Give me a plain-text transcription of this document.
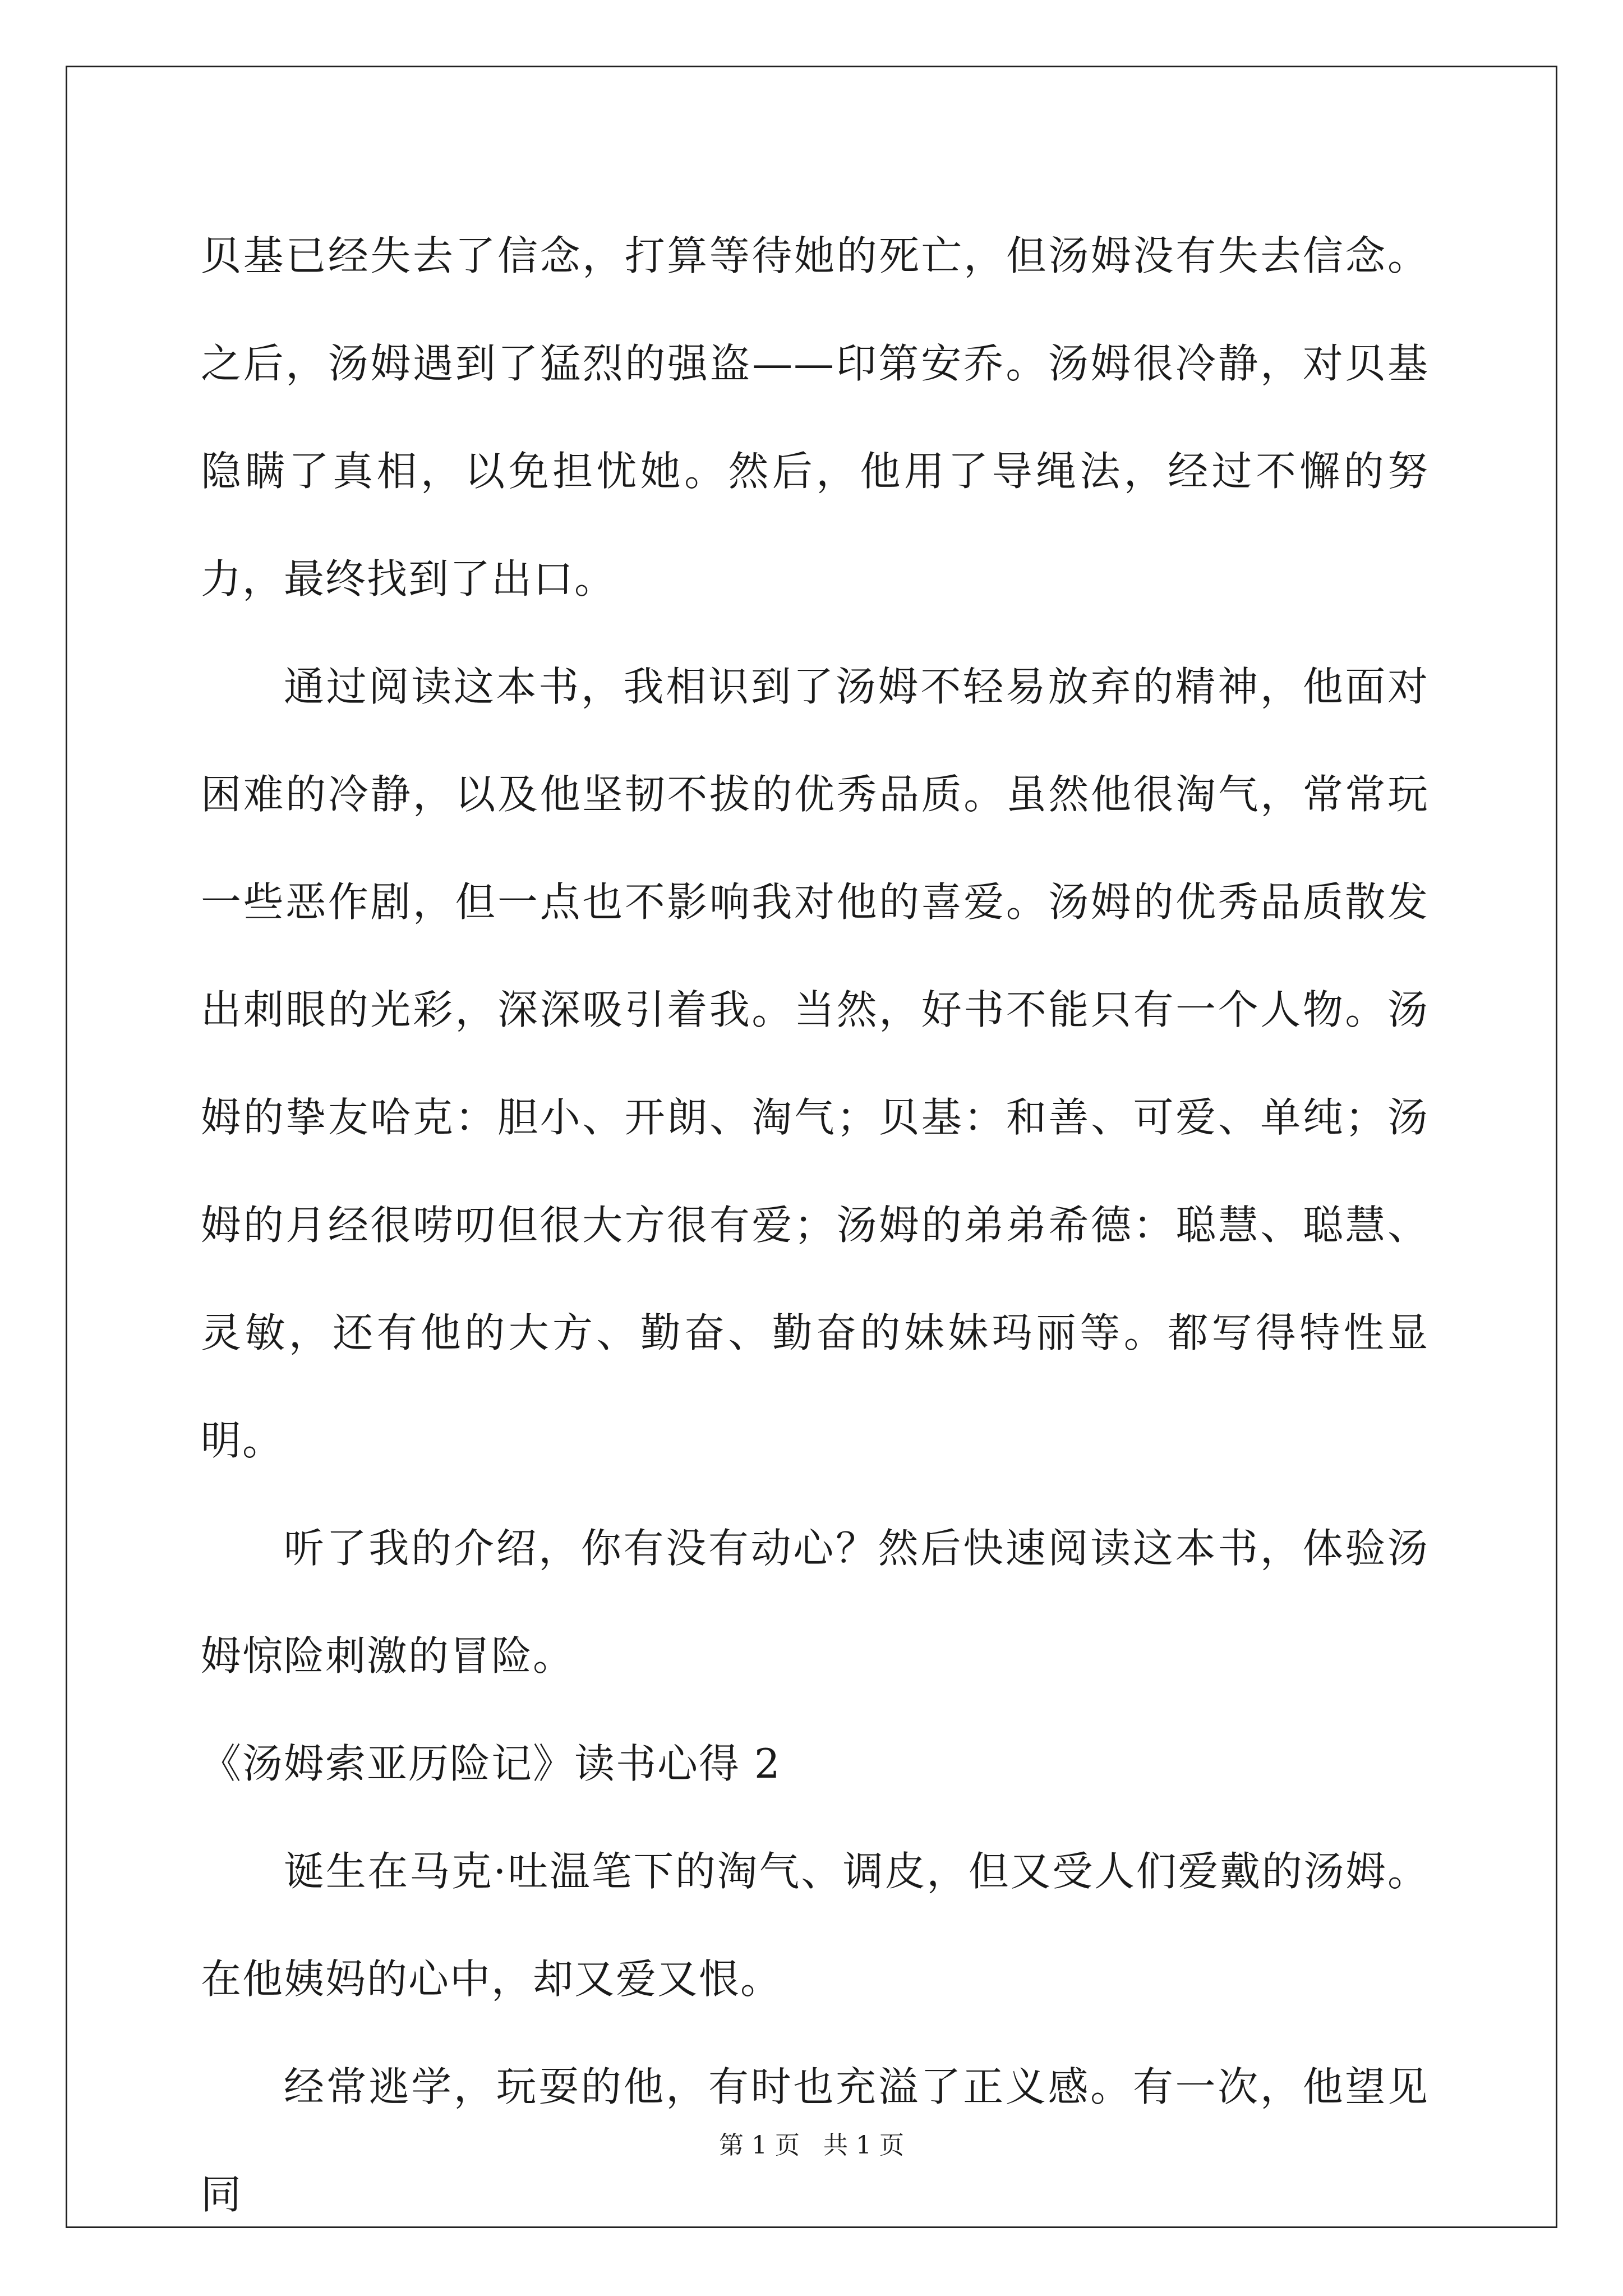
贝基已经失去了信念，打算等待她的死亡，但汤姆没有失去信念。之后，汤姆遇到了猛烈的强盗——印第安乔。汤姆很冷静，对贝基隐瞒了真相，以免担忧她。然后，他用了导绳法，经过不懈的努力，最终找到了出口。

通过阅读这本书，我相识到了汤姆不轻易放弃的精神，他面对困难的冷静，以及他坚韧不拔的优秀品质。虽然他很淘气，常常玩一些恶作剧，但一点也不影响我对他的喜爱。汤姆的优秀品质散发出刺眼的光彩，深深吸引着我。当然，好书不能只有一个人物。汤姆的挚友哈克：胆小、开朗、淘气；贝基：和善、可爱、单纯；汤姆的月经很唠叨但很大方很有爱；汤姆的弟弟希德：聪慧、聪慧、灵敏，还有他的大方、勤奋、勤奋的妹妹玛丽等。都写得特性显明。

听了我的介绍，你有没有动心？然后快速阅读这本书，体验汤姆惊险刺激的冒险。

《汤姆索亚历险记》读书心得 2

诞生在马克·吐温笔下的淘气、调皮，但又受人们爱戴的汤姆。在他姨妈的心中，却又爱又恨。

经常逃学，玩耍的他，有时也充溢了正义感。有一次，他望见同

第 1 页 共 1 页
